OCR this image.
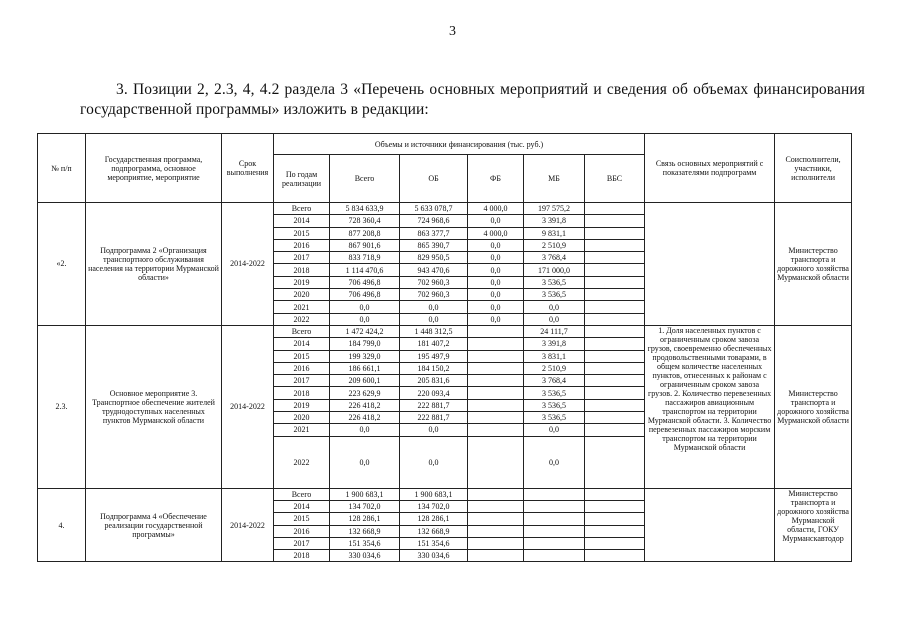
3
3. Позиции 2, 2.3, 4, 4.2 раздела 3 «Перечень основных мероприятий и сведения об объемах финансирования государственной программы» изложить в редакции:
№ п/п	Государственная программа, подпрограмма, основное мероприятие, мероприятие	Срок выполнения	Объемы и источники финансирования (тыс. руб.)						Связь основных мероприятий с показателями подпрограмм	Соисполнители, участники, исполнители
			По годам реализации	Всего	ОБ	ФБ	МБ	ВБС		
«2.	Подпрограмма 2 «Организация транспортного обслуживания населения на территории Мурманской области»	2014-2022	Всего	5 834 633,9	5 633 078,7	4 000,0	197 575,2			Министерство транспорта и дорожного хозяйства Мурманской области
			2014	728 360,4	724 968,6	0,0	3 391,8			
			2015	877 208,8	863 377,7	4 000,0	9 831,1			
			2016	867 901,6	865 390,7	0,0	2 510,9			
			2017	833 718,9	829 950,5	0,0	3 768,4			
			2018	1 114 470,6	943 470,6	0,0	171 000,0			
			2019	706 496,8	702 960,3	0,0	3 536,5			
			2020	706 496,8	702 960,3	0,0	3 536,5			
			2021	0,0	0,0	0,0	0,0			
			2022	0,0	0,0	0,0	0,0			
2.3.	Основное мероприятие 3. Транспортное обеспечение жителей труднодоступных населенных пунктов Мурманской области	2014-2022	Всего	1 472 424,2	1 448 312,5		24 111,7		1. Доля населенных пунктов с ограниченным сроком завоза грузов, своевременно обеспеченных продовольственными товарами, в общем количестве населенных пунктов, отнесенных к районам с ограниченным сроком завоза грузов. 2. Количество перевезенных пассажиров авиационным транспортом на территории Мурманской области. 3. Количество перевезенных пассажиров морским транспортом на территории Мурманской области	Министерство транспорта и дорожного хозяйства Мурманской области
			2014	184 799,0	181 407,2		3 391,8			
			2015	199 329,0	195 497,9		3 831,1			
			2016	186 661,1	184 150,2		2 510,9			
			2017	209 600,1	205 831,6		3 768,4			
			2018	223 629,9	220 093,4		3 536,5			
			2019	226 418,2	222 881,7		3 536,5			
			2020	226 418,2	222 881,7		3 536,5			
			2021	0,0	0,0		0,0			
			2022	0,0	0,0		0,0			
4.	Подпрограмма 4 «Обеспечение реализации государственной программы»	2014-2022	Всего	1 900 683,1	1 900 683,1					Министерство транспорта и дорожного хозяйства Мурманской области, ГОКУ Мурманскавтодор
			2014	134 702,0	134 702,0					
			2015	128 286,1	128 286,1					
			2016	132 668,9	132 668,9					
			2017	151 354,6	151 354,6					
			2018	330 034,6	330 034,6					
